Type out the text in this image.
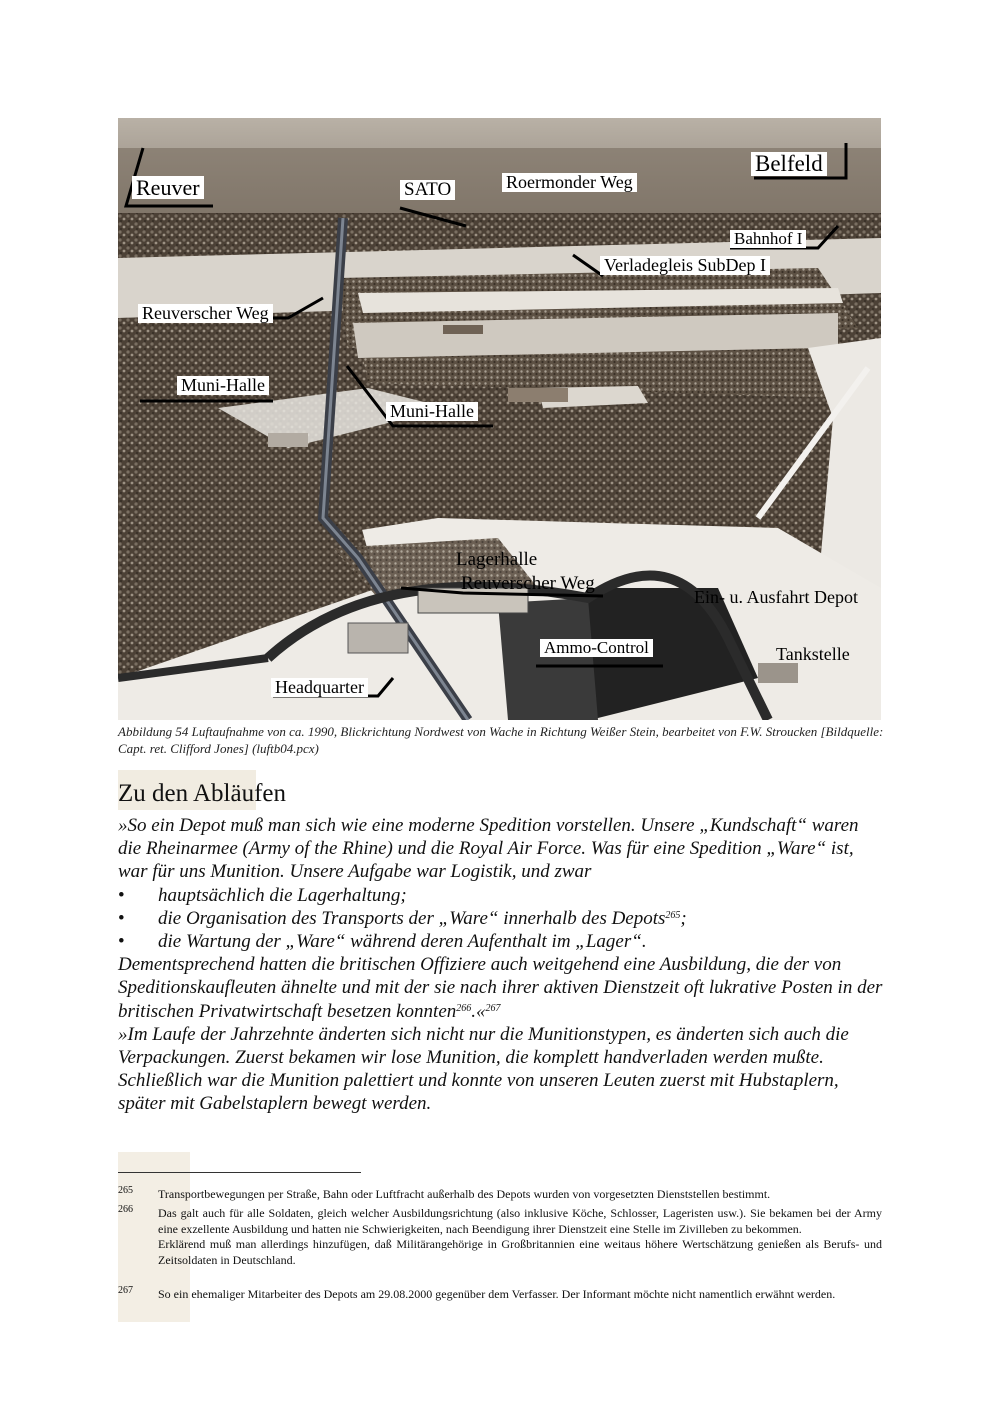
Reuver	SATO	Roermonder Weg
Belfeld
Bahnhof I
Verladegleis SubDep I
Reuverscher Weg
Muni-Halle
Muni-Halle
Lagerhalle
Reuverscher Weg
Ein- u. Ausfahrt Depot
Ammo-Control	Tankstelle
Headquarter
Abbildung 54 Luftaufnahme von ca. 1990, Blickrichtung Nordwest von Wache in Richtung Weißer Stein, bearbeitet von F.W. Stroucken [Bildquelle: Capt. ret. Clifford Jones] (luftb04.pcx)
Zu den Abläufen

»So ein Depot muß man sich wie eine moderne Spedition vorstellen. Unsere „Kundschaft“ waren die Rheinarmee (Army of the Rhine) und die Royal Air Force. Was für eine Spedition „Ware“ ist, war für uns Munition. Unsere Aufgabe war Logistik, und zwar

• hauptsächlich die Lagerhaltung;

• die Organisation des Transports der „Ware“ innerhalb des Depots$^{265}$;

• die Wartung der „Ware“ während deren Aufenthalt im „Lager“.

Dementsprechend hatten die britischen Offiziere auch weitgehend eine Ausbildung, die der von Speditionskaufleuten ähnelte und mit der sie nach ihrer aktiven Dienstzeit oft lukrative Posten in der britischen Privatwirtschaft besetzen konnten$^{266}$.«$^{267}$

»Im Laufe der Jahrzehnte änderten sich nicht nur die Munitionstypen, es änderten sich auch die Verpackungen. Zuerst bekamen wir lose Munition, die komplett handverladen werden mußte. Schließlich war die Munition palettiert und konnte von unseren Leuten zuerst mit Hubstaplern, später mit Gabelstaplern bewegt werden.

265 Transportbewegungen per Straße, Bahn oder Luftfracht außerhalb des Depots wurden von vorgesetzten Dienststellen bestimmt.
266 Das galt auch für alle Soldaten, gleich welcher Ausbildungsrichtung (also inklusive Köche, Schlosser, Lageristen usw.). Sie bekamen bei der Army eine exzellente Ausbildung und hatten nie Schwierigkeiten, nach Beendigung ihrer Dienstzeit eine Stelle im Zivilleben zu bekommen.
Erklärend muß man allerdings hinzufügen, daß Militärangehörige in Großbritannien eine weitaus höhere Wertschätzung genießen als Berufs- und Zeitsoldaten in Deutschland.
267 So ein ehemaliger Mitarbeiter des Depots am 29.08.2000 gegenüber dem Verfasser. Der Informant möchte nicht namentlich erwähnt werden.
